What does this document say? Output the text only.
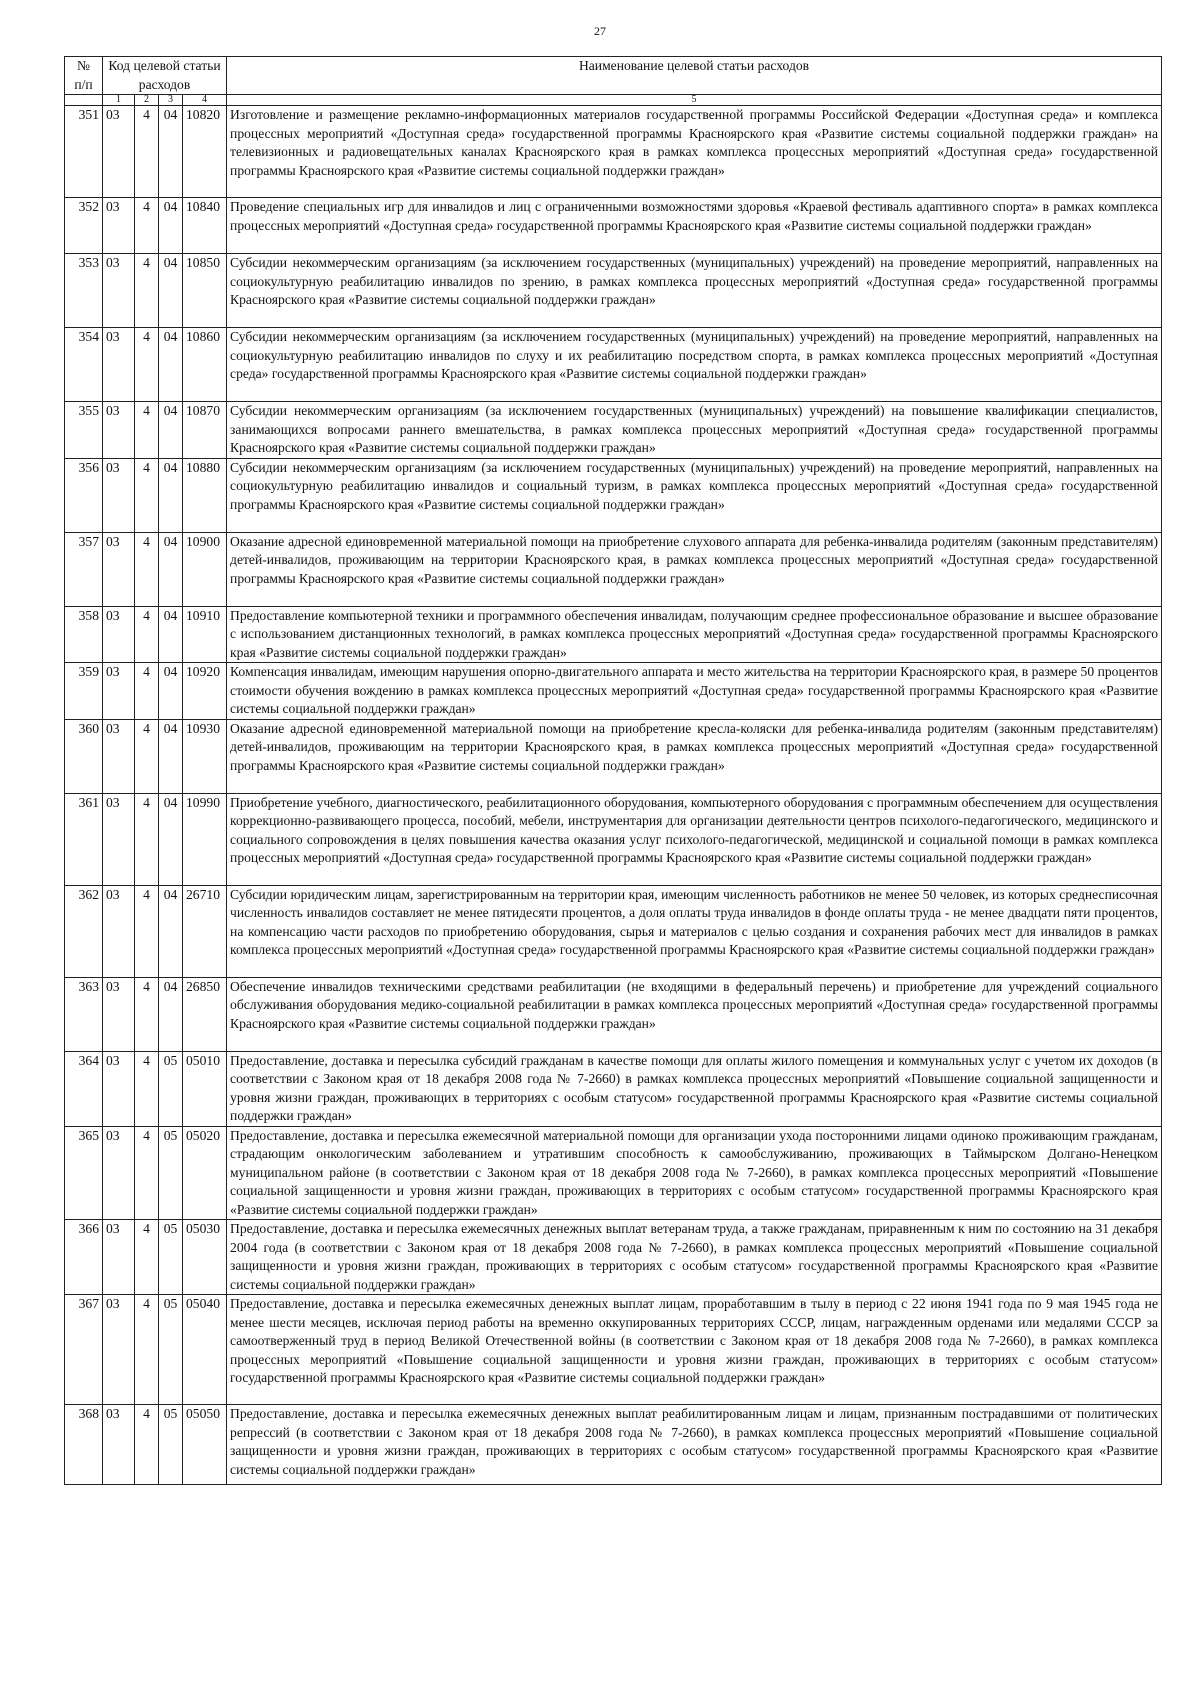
27
№
п/п	Код целевой статьи расходов				Наименование целевой статьи расходов

	1	2	3	4	5
351	03	4	04	10820	Изготовление и размещение рекламно-информационных материалов государственной программы Российской Федерации «Доступная среда» и комплекса процессных мероприятий «Доступная среда» государственной программы Красноярского края «Развитие системы социальной поддержки граждан» на телевизионных и радиовещательных каналах Красноярского края в рамках комплекса процессных мероприятий «Доступная среда» государственной программы Красноярского края «Развитие системы социальной поддержки граждан»
352	03	4	04	10840	Проведение специальных игр для инвалидов и лиц с ограниченными возможностями здоровья «Краевой фестиваль адаптивного спорта» в рамках комплекса процессных мероприятий «Доступная среда» государственной программы Красноярского края «Развитие системы социальной поддержки граждан»
353	03	4	04	10850	Субсидии некоммерческим организациям (за исключением государственных (муниципальных) учреждений) на проведение мероприятий, направленных на социокультурную реабилитацию инвалидов по зрению, в рамках комплекса процессных мероприятий «Доступная среда» государственной программы Красноярского края «Развитие системы социальной поддержки граждан»
354	03	4	04	10860	Субсидии некоммерческим организациям (за исключением государственных (муниципальных) учреждений) на проведение мероприятий, направленных на социокультурную реабилитацию инвалидов по слуху и их реабилитацию посредством спорта, в рамках комплекса процессных мероприятий «Доступная среда» государственной программы Красноярского края «Развитие системы социальной поддержки граждан»
355	03	4	04	10870	Субсидии некоммерческим организациям (за исключением государственных (муниципальных) учреждений) на повышение квалификации специалистов, занимающихся вопросами раннего вмешательства, в рамках комплекса процессных мероприятий «Доступная среда» государственной программы Красноярского края «Развитие системы социальной поддержки граждан»
356	03	4	04	10880	Субсидии некоммерческим организациям (за исключением государственных (муниципальных) учреждений) на проведение мероприятий, направленных на социокультурную реабилитацию инвалидов и социальный туризм, в рамках комплекса процессных мероприятий «Доступная среда» государственной программы Красноярского края «Развитие системы социальной поддержки граждан»
357	03	4	04	10900	Оказание адресной единовременной материальной помощи на приобретение слухового аппарата для ребенка-инвалида родителям (законным представителям) детей-инвалидов, проживающим на территории Красноярского края, в рамках комплекса процессных мероприятий «Доступная среда» государственной программы Красноярского края «Развитие системы социальной поддержки граждан»
358	03	4	04	10910	Предоставление компьютерной техники и программного обеспечения инвалидам, получающим среднее профессиональное образование и высшее образование с использованием дистанционных технологий, в рамках комплекса процессных мероприятий «Доступная среда» государственной программы Красноярского края «Развитие системы социальной поддержки граждан»
359	03	4	04	10920	Компенсация инвалидам, имеющим нарушения опорно-двигательного аппарата и место жительства на территории Красноярского края, в размере 50 процентов стоимости обучения вождению в рамках комплекса процессных мероприятий «Доступная среда» государственной программы Красноярского края «Развитие системы социальной поддержки граждан»
360	03	4	04	10930	Оказание адресной единовременной материальной помощи на приобретение кресла-коляски для ребенка-инвалида родителям (законным представителям) детей-инвалидов, проживающим на территории Красноярского края, в рамках комплекса процессных мероприятий «Доступная среда» государственной программы Красноярского края «Развитие системы социальной поддержки граждан»
361	03	4	04	10990	Приобретение учебного, диагностического, реабилитационного оборудования, компьютерного оборудования с программным обеспечением для осуществления коррекционно-развивающего процесса, пособий, мебели, инструментария для организации деятельности центров психолого-педагогического, медицинского и социального сопровождения в целях повышения качества оказания услуг психолого-педагогической, медицинской и социальной помощи в рамках комплекса процессных мероприятий «Доступная среда» государственной программы Красноярского края «Развитие системы социальной поддержки граждан»
362	03	4	04	26710	Субсидии юридическим лицам, зарегистрированным на территории края, имеющим численность работников не менее 50 человек, из которых среднесписочная численность инвалидов составляет не менее пятидесяти процентов, а доля оплаты труда инвалидов в фонде оплаты труда - не менее двадцати пяти процентов, на компенсацию части расходов по приобретению оборудования, сырья и материалов с целью создания и сохранения рабочих мест для инвалидов в рамках комплекса процессных мероприятий «Доступная среда» государственной программы Красноярского края «Развитие системы социальной поддержки граждан»
363	03	4	04	26850	Обеспечение инвалидов техническими средствами реабилитации (не входящими в федеральный перечень) и приобретение для учреждений социального обслуживания оборудования медико-социальной реабилитации в рамках комплекса процессных мероприятий «Доступная среда» государственной программы Красноярского края «Развитие системы социальной поддержки граждан»
364	03	4	05	05010	Предоставление, доставка и пересылка субсидий гражданам в качестве помощи для оплаты жилого помещения и коммунальных услуг с учетом их доходов (в соответствии с Законом края от 18 декабря 2008 года № 7-2660) в рамках комплекса процессных мероприятий «Повышение социальной защищенности и уровня жизни граждан, проживающих в территориях с особым статусом» государственной программы Красноярского края «Развитие системы социальной поддержки граждан»
365	03	4	05	05020	Предоставление, доставка и пересылка ежемесячной материальной помощи для организации ухода посторонними лицами одиноко проживающим гражданам, страдающим онкологическим заболеванием и утратившим способность к самообслуживанию, проживающих в Таймырском Долгано-Ненецком муниципальном районе (в соответствии с Законом края от 18 декабря 2008 года № 7-2660), в рамках комплекса процессных мероприятий «Повышение социальной защищенности и уровня жизни граждан, проживающих в территориях с особым статусом» государственной программы Красноярского края «Развитие системы социальной поддержки граждан»
366	03	4	05	05030	Предоставление, доставка и пересылка ежемесячных денежных выплат ветеранам труда, а также гражданам, приравненным к ним по состоянию на 31 декабря 2004 года (в соответствии с Законом края от 18 декабря 2008 года № 7-2660), в рамках комплекса процессных мероприятий «Повышение социальной защищенности и уровня жизни граждан, проживающих в территориях с особым статусом» государственной программы Красноярского края «Развитие системы социальной поддержки граждан»
367	03	4	05	05040	Предоставление, доставка и пересылка ежемесячных денежных выплат лицам, проработавшим в тылу в период с 22 июня 1941 года по 9 мая 1945 года не менее шести месяцев, исключая период работы на временно оккупированных территориях СССР, лицам, награжденным орденами или медалями СССР за самоотверженный труд в период Великой Отечественной войны (в соответствии с Законом края от 18 декабря 2008 года № 7-2660), в рамках комплекса процессных мероприятий «Повышение социальной защищенности и уровня жизни граждан, проживающих в территориях с особым статусом» государственной программы Красноярского края «Развитие системы социальной поддержки граждан»
368	03	4	05	05050	Предоставление, доставка и пересылка ежемесячных денежных выплат реабилитированным лицам и лицам, признанным пострадавшими от политических репрессий (в соответствии с Законом края от 18 декабря 2008 года № 7-2660), в рамках комплекса процессных мероприятий «Повышение социальной защищенности и уровня жизни граждан, проживающих в территориях с особым статусом» государственной программы Красноярского края «Развитие системы социальной поддержки граждан»
